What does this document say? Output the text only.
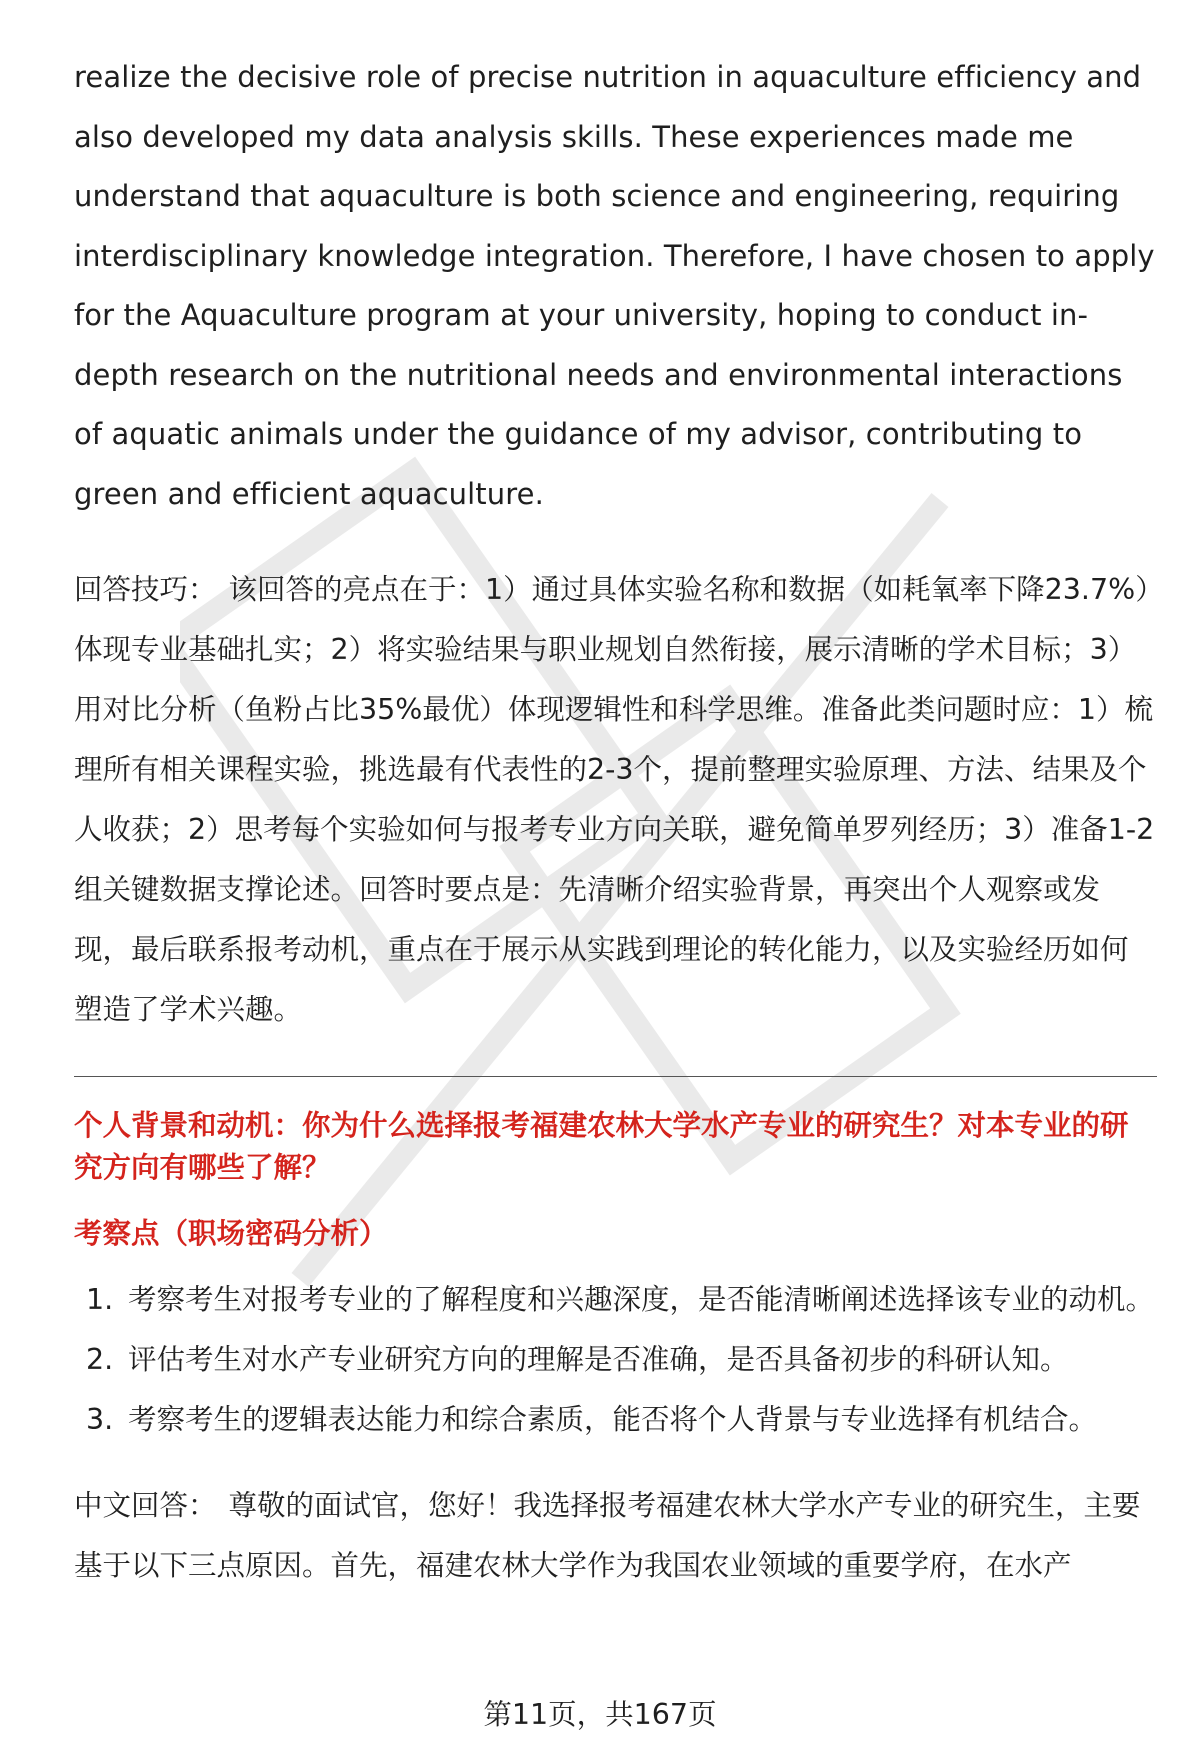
realize the decisive role of precise nutrition in aquaculture efficiency and also developed my data analysis skills. These experiences made me understand that aquaculture is both science and engineering, requiring interdisciplinary knowledge integration. Therefore, I have chosen to apply for the Aquaculture program at your university, hoping to conduct in-depth research on the nutritional needs and environmental interactions of aquatic animals under the guidance of my advisor, contributing to green and efficient aquaculture.

回答技巧： 该回答的亮点在于：1）通过具体实验名称和数据（如耗氧率下降23.7%）体现专业基础扎实；2）将实验结果与职业规划自然衔接，展示清晰的学术目标；3）用对比分析（鱼粉占比35%最优）体现逻辑性和科学思维。准备此类问题时应：1）梳理所有相关课程实验，挑选最有代表性的2-3个，提前整理实验原理、方法、结果及个人收获；2）思考每个实验如何与报考专业方向关联，避免简单罗列经历；3）准备1-2组关键数据支撑论述。回答时要点是：先清晰介绍实验背景，再突出个人观察或发现，最后联系报考动机，重点在于展示从实践到理论的转化能力，以及实验经历如何塑造了学术兴趣。

个人背景和动机：你为什么选择报考福建农林大学水产专业的研究生？对本专业的研究方向有哪些了解？

考察点（职场密码分析）

1. 考察考生对报考专业的了解程度和兴趣深度，是否能清晰阐述选择该专业的动机。
2. 评估考生对水产专业研究方向的理解是否准确，是否具备初步的科研认知。
3. 考察考生的逻辑表达能力和综合素质，能否将个人背景与专业选择有机结合。

中文回答： 尊敬的面试官，您好！我选择报考福建农林大学水产专业的研究生，主要基于以下三点原因。首先，福建农林大学作为我国农业领域的重要学府，在水产

第11页，共167页
